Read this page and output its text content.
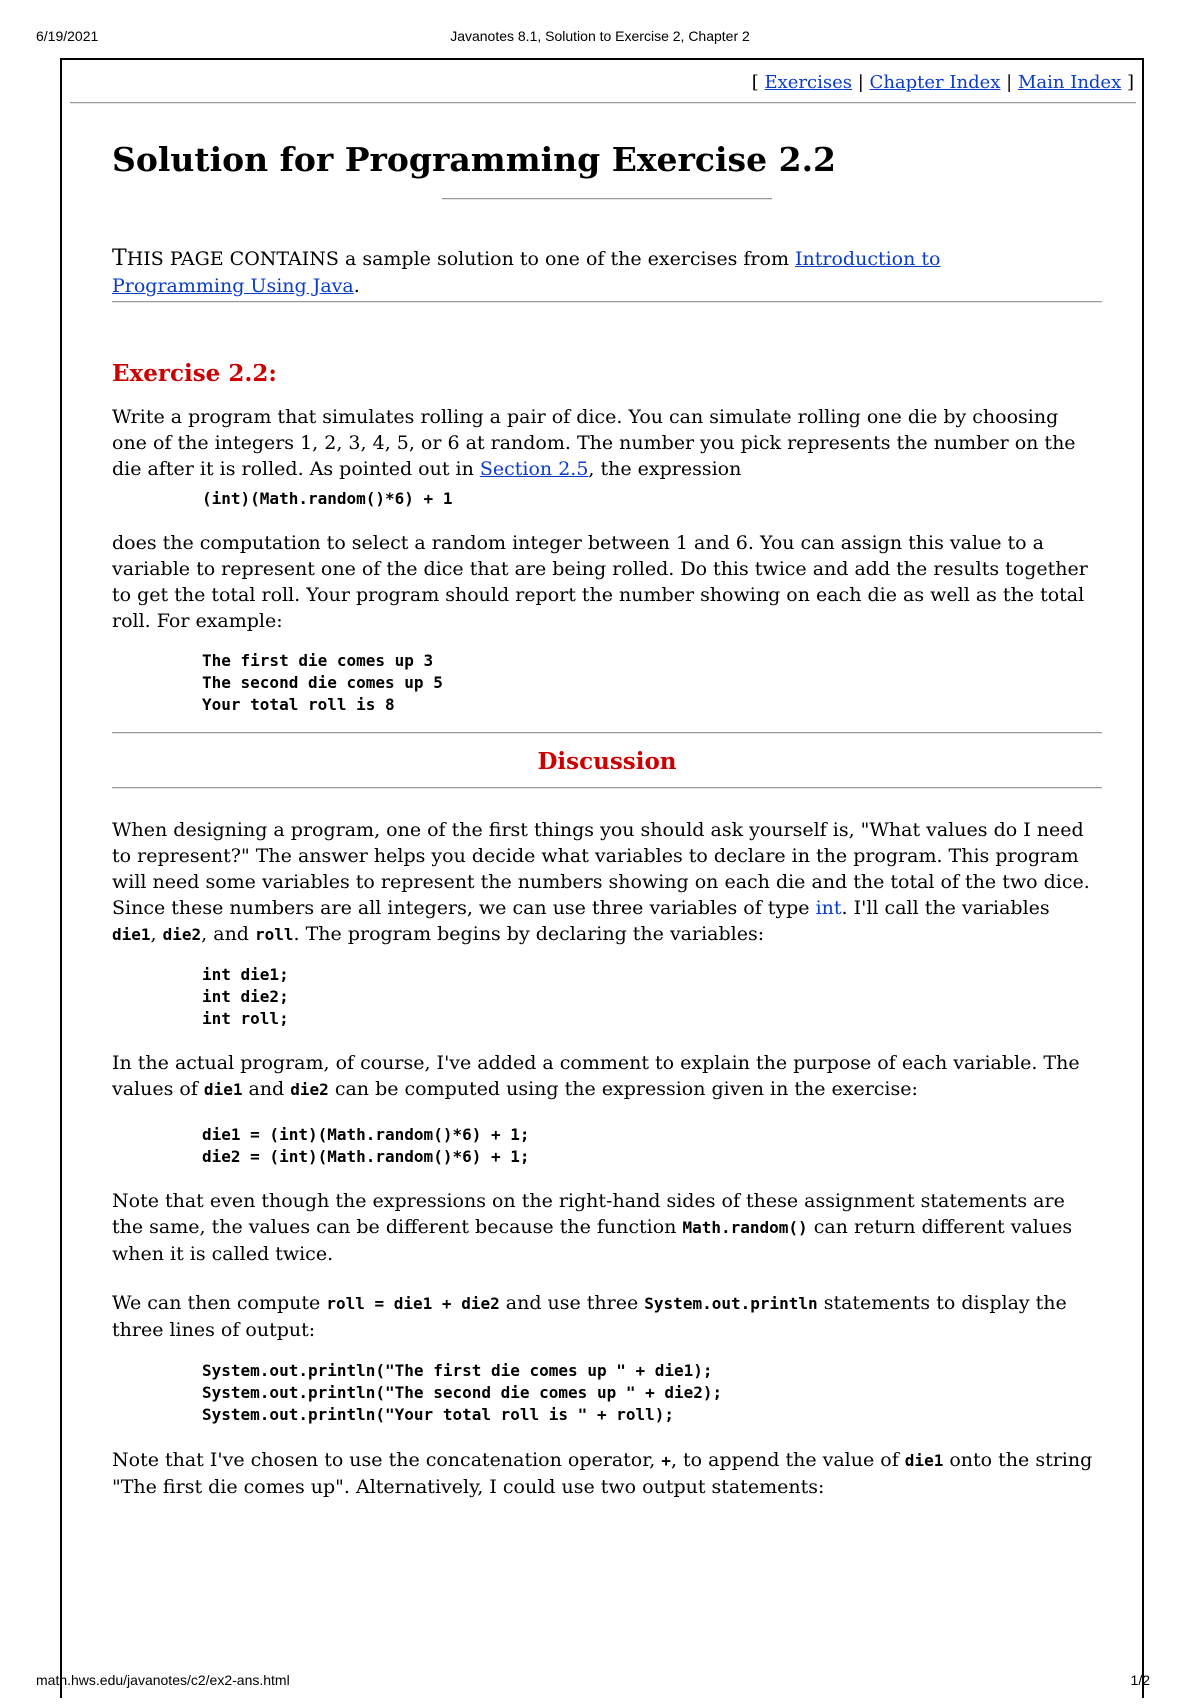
6/19/2021	Javanotes 8.1, Solution to Exercise 2, Chapter 2
[ Exercises | Chapter Index | Main Index ]
Solution for Programming Exercise 2.2

THIS PAGE CONTAINS a sample solution to one of the exercises from Introduction to Programming Using Java.

Exercise 2.2:

Write a program that simulates rolling a pair of dice. You can simulate rolling one die by choosing one of the integers 1, 2, 3, 4, 5, or 6 at random. The number you pick represents the number on the die after it is rolled. As pointed out in Section 2.5, the expression

(int)(Math.random()*6) + 1

does the computation to select a random integer between 1 and 6. You can assign this value to a variable to represent one of the dice that are being rolled. Do this twice and add the results together to get the total roll. Your program should report the number showing on each die as well as the total roll. For example:

The first die comes up 3
The second die comes up 5
Your total roll is 8
Discussion

When designing a program, one of the first things you should ask yourself is, "What values do I need to represent?" The answer helps you decide what variables to declare in the program. This program will need some variables to represent the numbers showing on each die and the total of the two dice. Since these numbers are all integers, we can use three variables of type int. I'll call the variables die1, die2, and roll. The program begins by declaring the variables:

int die1;
int die2;
int roll;

In the actual program, of course, I've added a comment to explain the purpose of each variable. The values of die1 and die2 can be computed using the expression given in the exercise:

die1 = (int)(Math.random()*6) + 1;
die2 = (int)(Math.random()*6) + 1;

Note that even though the expressions on the right-hand sides of these assignment statements are the same, the values can be different because the function Math.random() can return different values when it is called twice.

We can then compute roll = die1 + die2 and use three System.out.println statements to display the three lines of output:

System.out.println("The first die comes up " + die1);
System.out.println("The second die comes up " + die2);
System.out.println("Your total roll is " + roll);

Note that I've chosen to use the concatenation operator, +, to append the value of die1 onto the string "The first die comes up". Alternatively, I could use two output statements:

math.hws.edu/javanotes/c2/ex2-ans.html	1/2
